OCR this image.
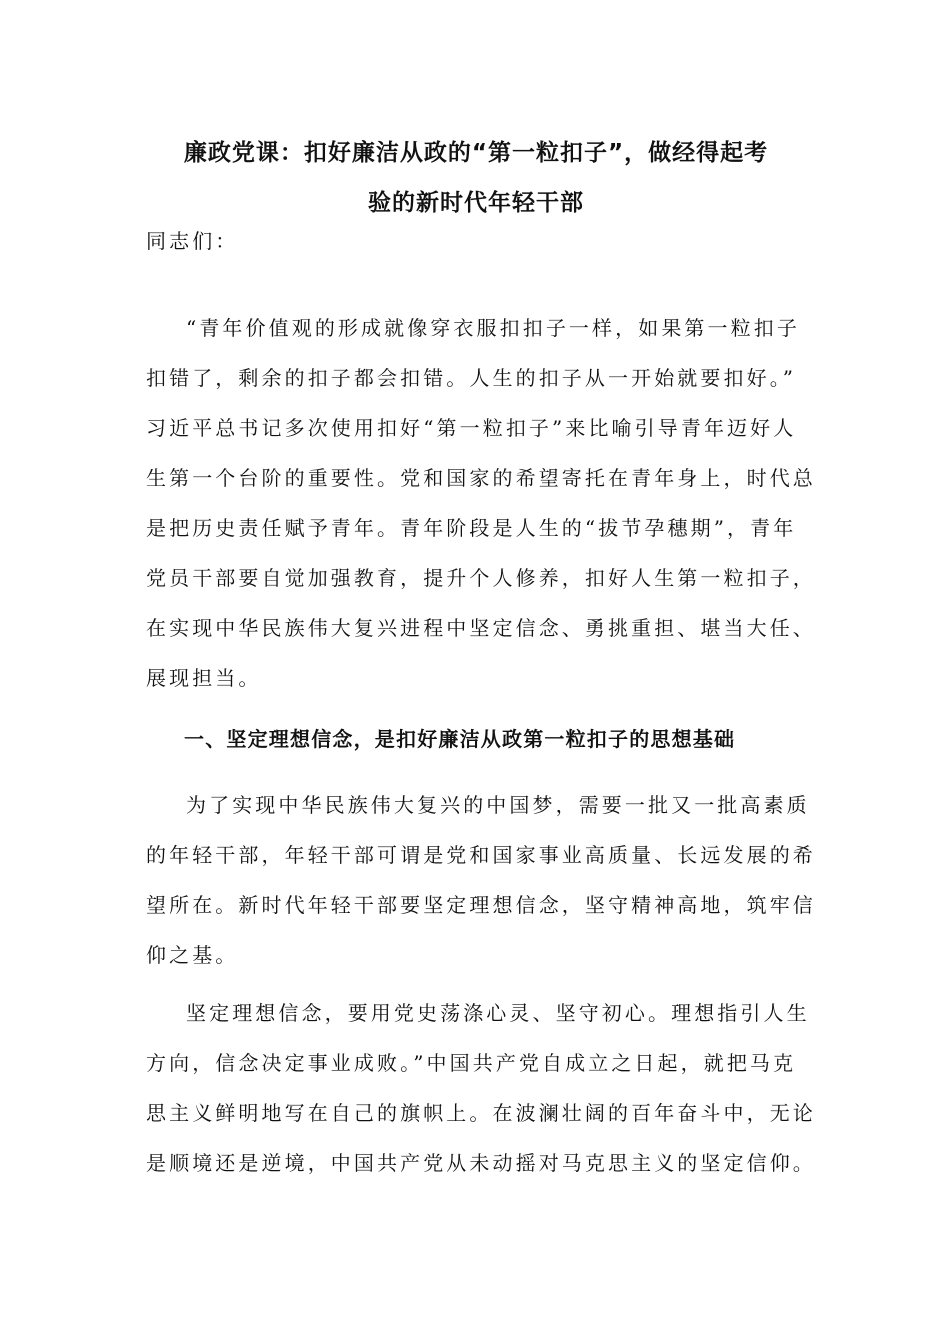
廉政党课：扣好廉洁从政的“第一粒扣子”，做经得起考
验的新时代年轻干部
同志们：
“青年价值观的形成就像穿衣服扣扣子一样，如果第一粒扣子
扣错了，剩余的扣子都会扣错。人生的扣子从一开始就要扣好。”
习近平总书记多次使用扣好“第一粒扣子”来比喻引导青年迈好人
生第一个台阶的重要性。党和国家的希望寄托在青年身上，时代总
是把历史责任赋予青年。青年阶段是人生的“拔节孕穗期”，青年
党员干部要自觉加强教育，提升个人修养，扣好人生第一粒扣子，
在实现中华民族伟大复兴进程中坚定信念、勇挑重担、堪当大任、
展现担当。
一、坚定理想信念，是扣好廉洁从政第一粒扣子的思想基础
为了实现中华民族伟大复兴的中国梦，需要一批又一批高素质
的年轻干部，年轻干部可谓是党和国家事业高质量、长远发展的希
望所在。新时代年轻干部要坚定理想信念，坚守精神高地，筑牢信
仰之基。
坚定理想信念，要用党史荡涤心灵、坚守初心。理想指引人生
方向，信念决定事业成败。”中国共产党自成立之日起，就把马克
思主义鲜明地写在自己的旗帜上。在波澜壮阔的百年奋斗中，无论
是顺境还是逆境，中国共产党从未动摇对马克思主义的坚定信仰。
